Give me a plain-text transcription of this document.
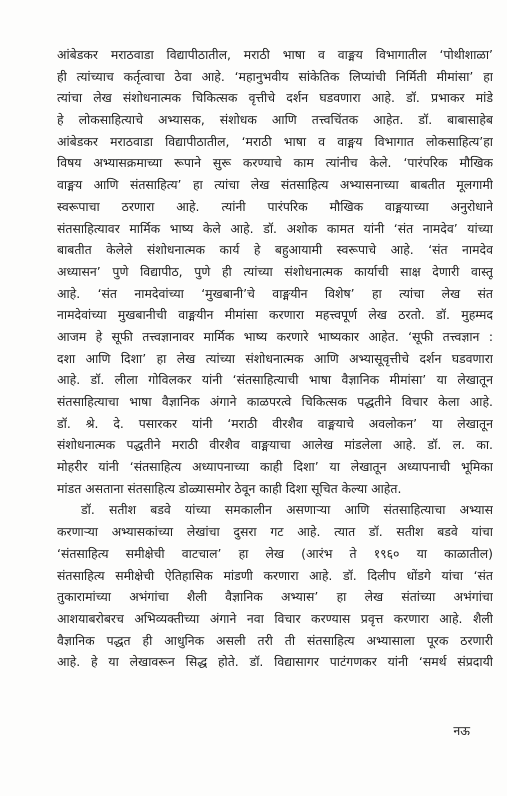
आंबेडकर मराठवाडा विद्यापीठातील, मराठी भाषा व वाङ्मय विभागातील ‘पोथीशाळा’
ही त्यांच्याच कर्तृत्वाचा ठेवा आहे. ‘महानुभवीय सांकेतिक लिप्यांची निर्मिती मीमांसा’ हा
त्यांचा लेख संशोधनात्मक चिकित्सक वृत्तीचे दर्शन घडवणारा आहे. डॉ. प्रभाकर मांडे
हे लोकसाहित्याचे अभ्यासक, संशोधक आणि तत्त्वचिंतक आहेत. डॉ. बाबासाहेब
आंबेडकर मराठवाडा विद्यापीठातील, ‘मराठी भाषा व वाङ्मय विभागात लोकसाहित्य’हा
विषय अभ्यासक्रमाच्या रूपाने सुरू करण्याचे काम त्यांनीच केले. ‘पारंपरिक मौखिक
वाङ्मय आणि संतसाहित्य’ हा त्यांचा लेख संतसाहित्य अभ्यासनाच्या बाबतीत मूलगामी
स्वरूपाचा ठरणारा आहे. त्यांनी पारंपरिक मौखिक वाङ्मयाच्या अनुरोधाने
संतसाहित्यावर मार्मिक भाष्य केले आहे. डॉ. अशोक कामत यांनी ‘संत नामदेव’ यांच्या
बाबतीत केलेले संशोधनात्मक कार्य हे बहुआयामी स्वरूपाचे आहे. ‘संत नामदेव
अध्यासन’ पुणे विद्यापीठ, पुणे ही त्यांच्या संशोधनात्मक कार्याची साक्ष देणारी वास्तू
आहे. ‘संत नामदेवांच्या ‘मुखबानी’चे वाङ्मयीन विशेष’ हा त्यांचा लेख संत
नामदेवांच्या मुखबानीची वाङ्मयीन मीमांसा करणारा महत्त्वपूर्ण लेख ठरतो. डॉ. मुहम्मद
आजम हे सूफी तत्त्वज्ञानावर मार्मिक भाष्य करणारे भाष्यकार आहेत. ‘सूफी तत्त्वज्ञान :
दशा आणि दिशा’ हा लेख त्यांच्या संशोधनात्मक आणि अभ्यासूवृत्तीचे दर्शन घडवणारा
आहे. डॉ. लीला गोविलकर यांनी ‘संतसाहित्याची भाषा वैज्ञानिक मीमांसा’ या लेखातून
संतसाहित्याचा भाषा वैज्ञानिक अंगाने काळपरत्वे चिकित्सक पद्धतीने विचार केला आहे.
डॉ. श्रे. दे. पसारकर यांनी ‘मराठी वीरशैव वाङ्मयाचे अवलोकन’ या लेखातून
संशोधनात्मक पद्धतीने मराठी वीरशैव वाङ्मयाचा आलेख मांडलेला आहे. डॉ. ल. का.
मोहरीर यांनी ‘संतसाहित्य अध्यापनाच्या काही दिशा’ या लेखातून अध्यापनाची भूमिका
मांडत असताना संतसाहित्य डोळ्यासमोर ठेवून काही दिशा सूचित केल्या आहेत.
डॉ. सतीश बडवे यांच्या समकालीन असणाऱ्या आणि संतसाहित्याचा अभ्यास
करणाऱ्या अभ्यासकांच्या लेखांचा दुसरा गट आहे. त्यात डॉ. सतीश बडवे यांचा
‘संतसाहित्य समीक्षेची वाटचाल’ हा लेख (आरंभ ते १९६० या काळातील)
संतसाहित्य समीक्षेची ऐतिहासिक मांडणी करणारा आहे. डॉ. दिलीप धोंडगे यांचा ‘संत
तुकारामांच्या अभंगांचा शैली वैज्ञानिक अभ्यास’ हा लेख संतांच्या अभंगांचा
आशयाबरोबरच अभिव्यक्तीच्या अंगाने नवा विचार करण्यास प्रवृत्त करणारा आहे. शैली
वैज्ञानिक पद्धत ही आधुनिक असली तरी ती संतसाहित्य अभ्यासाला पूरक ठरणारी
आहे. हे या लेखावरून सिद्ध होते. डॉ. विद्यासागर पाटंगणकर यांनी ‘समर्थ संप्रदायी
नऊ
